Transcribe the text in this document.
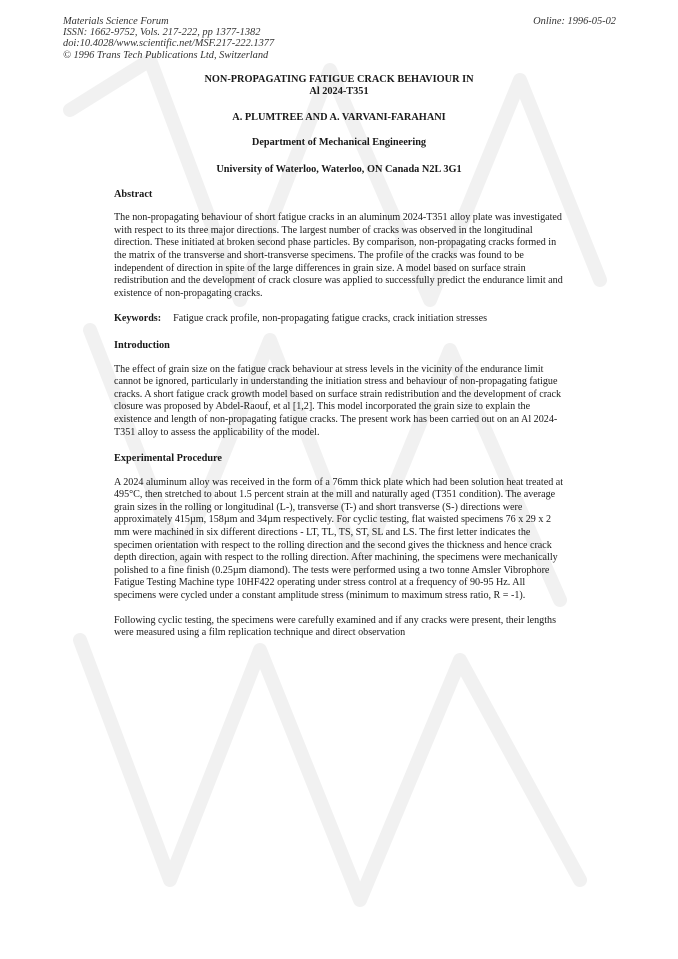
Materials Science Forum
ISSN: 1662-9752, Vols. 217-222, pp 1377-1382
doi:10.4028/www.scientific.net/MSF.217-222.1377
© 1996 Trans Tech Publications Ltd, Switzerland
Online: 1996-05-02
NON-PROPAGATING FATIGUE CRACK BEHAVIOUR IN
Al 2024-T351
A. PLUMTREE AND A. VARVANI-FARAHANI
Department of Mechanical Engineering
University of Waterloo, Waterloo, ON Canada N2L 3G1
Abstract

The non-propagating behaviour of short fatigue cracks in an aluminum 2024-T351 alloy plate was investigated with respect to its three major directions. The largest number of cracks was observed in the longitudinal direction. These initiated at broken second phase particles. By comparison, non-propagating cracks formed in the matrix of the transverse and short-transverse specimens. The profile of the cracks was found to be independent of direction in spite of the large differences in grain size. A model based on surface strain redistribution and the development of crack closure was applied to successfully predict the endurance limit and existence of non-propagating cracks.

Keywords: Fatigue crack profile, non-propagating fatigue cracks, crack initiation stresses
Introduction

The effect of grain size on the fatigue crack behaviour at stress levels in the vicinity of the endurance limit cannot be ignored, particularly in understanding the initiation stress and behaviour of non-propagating fatigue cracks. A short fatigue crack growth model based on surface strain redistribution and the development of crack closure was proposed by Abdel-Raouf, et al [1,2]. This model incorporated the grain size to explain the existence and length of non-propagating fatigue cracks. The present work has been carried out on an Al 2024-T351 alloy to assess the applicability of the model.

Experimental Procedure

A 2024 aluminum alloy was received in the form of a 76mm thick plate which had been solution heat treated at 495°C, then stretched to about 1.5 percent strain at the mill and naturally aged (T351 condition). The average grain sizes in the rolling or longitudinal (L-), transverse (T-) and short transverse (S-) directions were approximately 415µm, 158µm and 34µm respectively. For cyclic testing, flat waisted specimens 76 x 29 x 2 mm were machined in six different directions - LT, TL, TS, ST, SL and LS. The first letter indicates the specimen orientation with respect to the rolling direction and the second gives the thickness and hence crack depth direction, again with respect to the rolling direction. After machining, the specimens were mechanically polished to a fine finish (0.25µm diamond). The tests were performed using a two tonne Amsler Vibrophore Fatigue Testing Machine type 10HF422 operating under stress control at a frequency of 90-95 Hz. All specimens were cycled under a constant amplitude stress (minimum to maximum stress ratio, R = -1).

Following cyclic testing, the specimens were carefully examined and if any cracks were present, their lengths were measured using a film replication technique and direct observation
